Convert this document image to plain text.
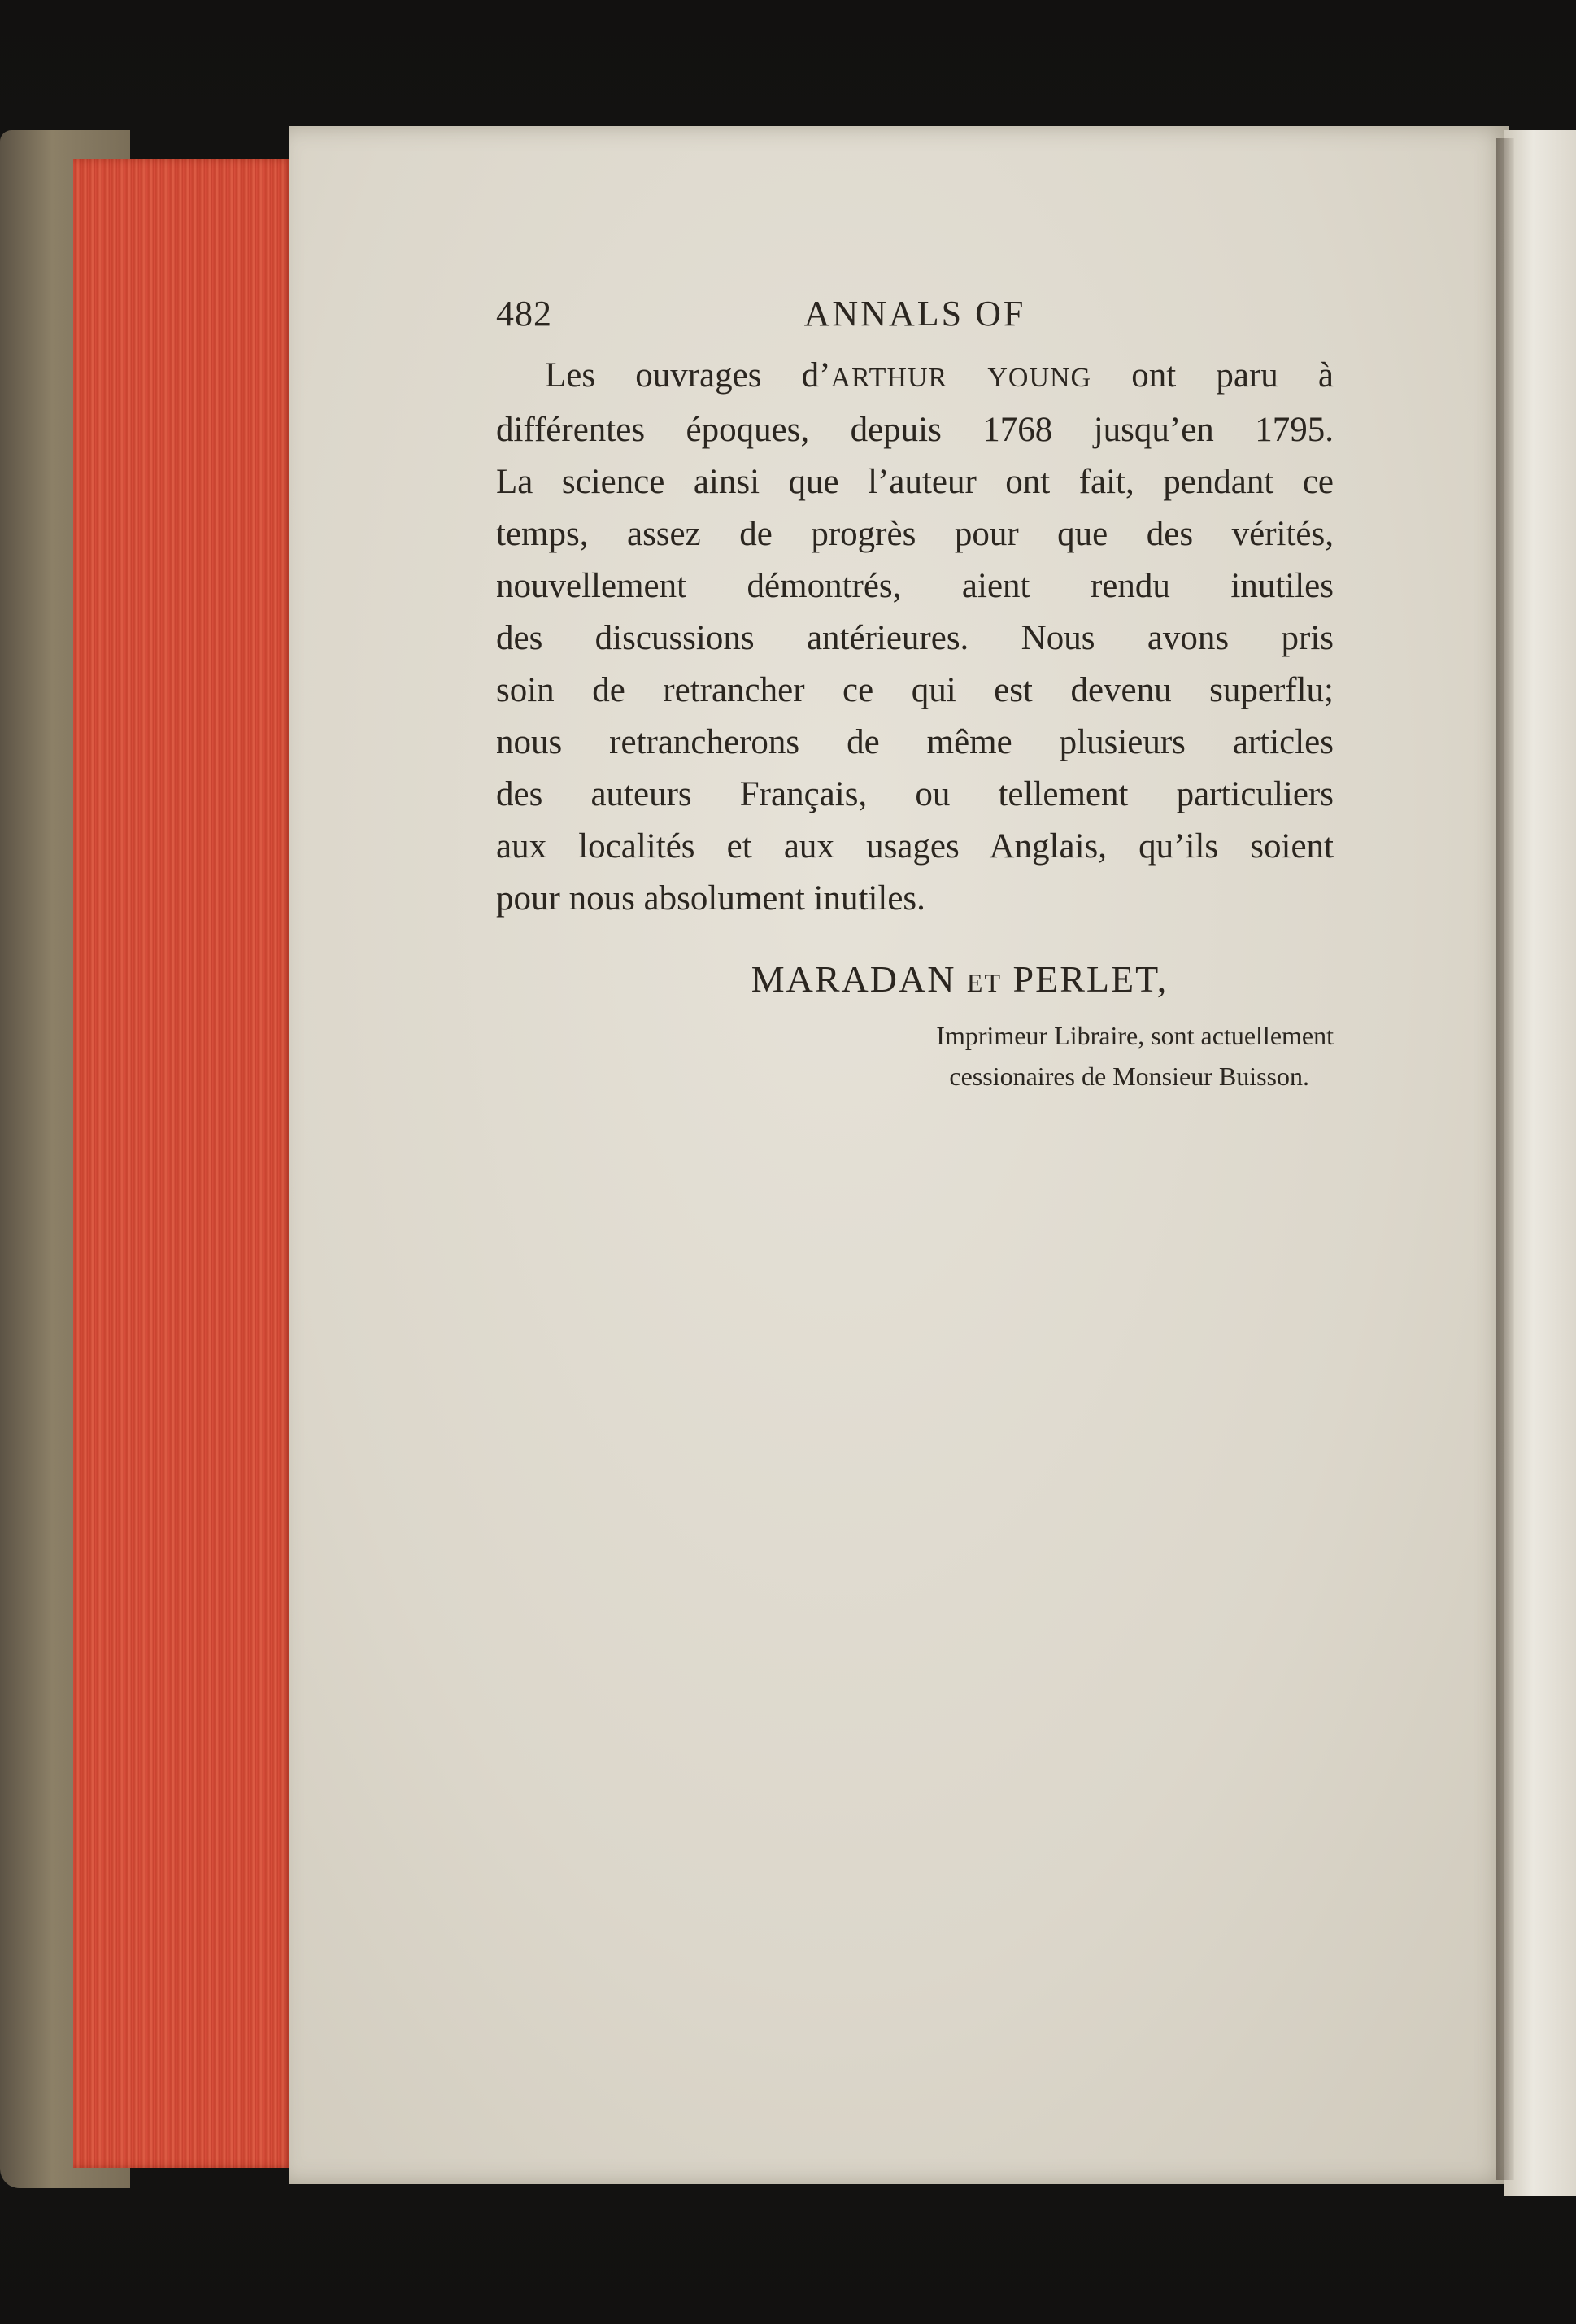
482	ANNALS OF

Les ouvrages d’ARTHUR YOUNG ont paru à
différentes époques, depuis 1768 jusqu’en 1795.
La science ainsi que l’auteur ont fait, pendant ce
temps, assez de progrès pour que des vérités,
nouvellement démontrés, aient rendu inutiles
des discussions antérieures. Nous avons pris
soin de retrancher ce qui est devenu superflu;
nous retrancherons de même plusieurs articles
des auteurs Français, ou tellement particuliers
aux localités et aux usages Anglais, qu’ils soient
pour nous absolument inutiles.

MARADAN ET PERLET,
Imprimeur Libraire, sont actuellement
cessionaires de Monsieur Buisson.
